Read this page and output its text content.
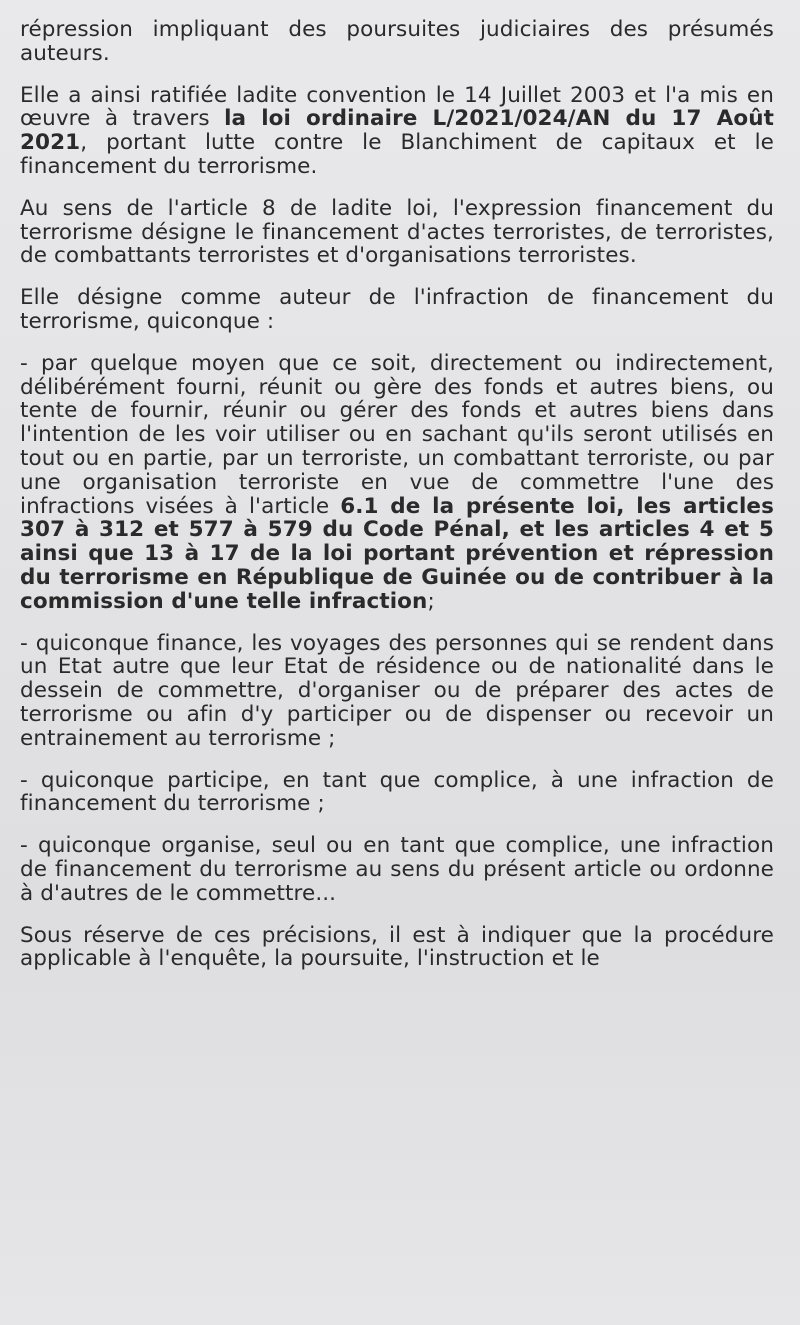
répression impliquant des poursuites judiciaires des présumés auteurs.

Elle a ainsi ratifiée ladite convention le 14 Juillet 2003 et l'a mis en œuvre à travers la loi ordinaire L/2021/024/AN du 17 Août 2021, portant lutte contre le Blanchiment de capitaux et le financement du terrorisme.

Au sens de l'article 8 de ladite loi, l'expression financement du terrorisme désigne le financement d'actes terroristes, de terroristes, de combattants terroristes et d'organisations terroristes.

Elle désigne comme auteur de l'infraction de financement du terrorisme, quiconque :

- par quelque moyen que ce soit, directement ou indirectement, délibérément fourni, réunit ou gère des fonds et autres biens, ou tente de fournir, réunir ou gérer des fonds et autres biens dans l'intention de les voir utiliser ou en sachant qu'ils seront utilisés en tout ou en partie, par un terroriste, un combattant terroriste, ou par une organisation terroriste en vue de commettre l'une des infractions visées à l'article 6.1 de la présente loi, les articles 307 à 312 et 577 à 579 du Code Pénal, et les articles 4 et 5 ainsi que 13 à 17 de la loi portant prévention et répression du terrorisme en République de Guinée ou de contribuer à la commission d'une telle infraction;

- quiconque finance, les voyages des personnes qui se rendent dans un Etat autre que leur Etat de résidence ou de nationalité dans le dessein de commettre, d'organiser ou de préparer des actes de terrorisme ou afin d'y participer ou de dispenser ou recevoir un entrainement au terrorisme ;

- quiconque participe, en tant que complice, à une infraction de financement du terrorisme ;

- quiconque organise, seul ou en tant que complice, une infraction de financement du terrorisme au sens du présent article ou ordonne à d'autres de le commettre...

Sous réserve de ces précisions, il est à indiquer que la procédure applicable à l'enquête, la poursuite, l'instruction et le
